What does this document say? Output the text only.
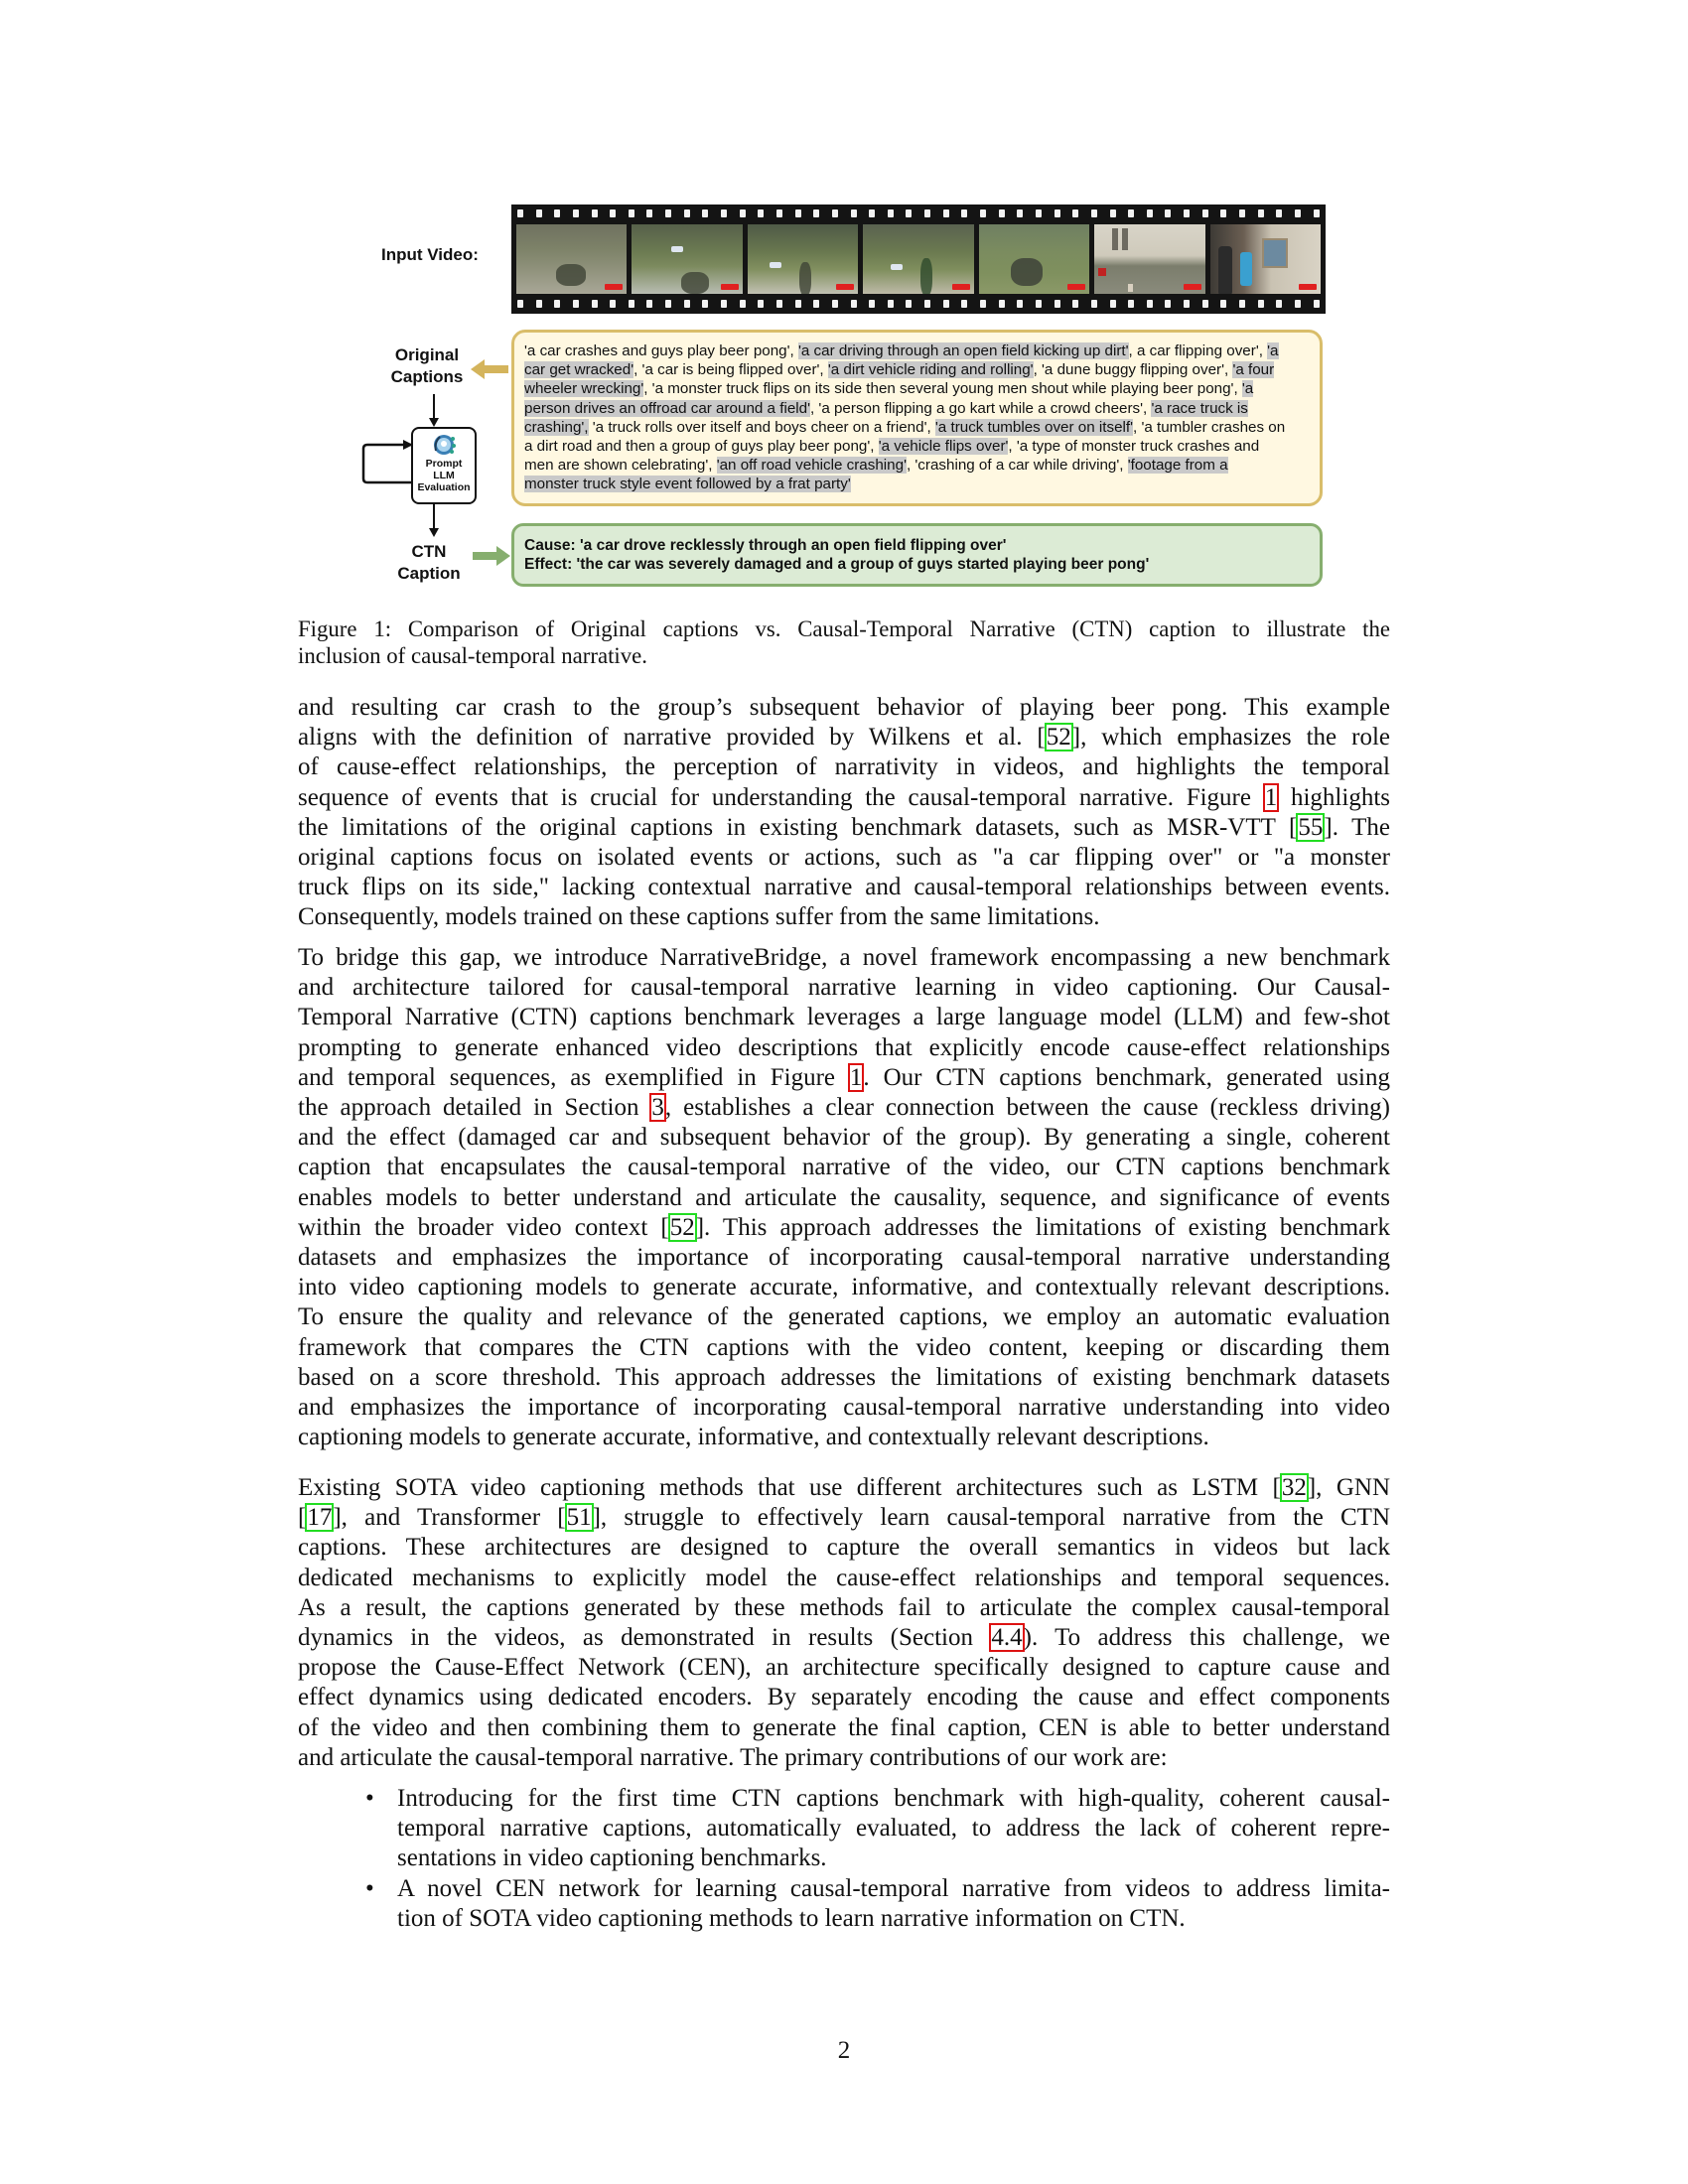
Input Video:
Original
Captions
Prompt
LLM
Evaluation
CTN
Caption
'a car crashes and guys play beer pong', 'a car driving through an open field kicking up dirt', a car flipping over', 'a
car get wracked', 'a car is being flipped over', 'a dirt vehicle riding and rolling', 'a dune buggy flipping over', 'a four
wheeler wrecking', 'a monster truck flips on its side then several young men shout while playing beer pong', 'a
person drives an offroad car around a field', 'a person flipping a go kart while a crowd cheers', 'a race truck is
crashing', 'a truck rolls over itself and boys cheer on a friend', 'a truck tumbles over on itself', 'a tumbler crashes on
a dirt road and then a group of guys play beer pong', 'a vehicle flips over', 'a type of monster truck crashes and
men are shown celebrating', 'an off road vehicle crashing', 'crashing of a car while driving', 'footage from a
monster truck style event followed by a frat party'
Cause: 'a car drove recklessly through an open field flipping over'
Effect: 'the car was severely damaged and a group of guys started playing beer pong'
Figure 1: Comparison of Original captions vs. Causal-Temporal Narrative (CTN) caption to illustrate the
inclusion of causal-temporal narrative.
and resulting car crash to the group’s subsequent behavior of playing beer pong. This example
aligns with the definition of narrative provided by Wilkens et al. [52], which emphasizes the role
of cause-effect relationships, the perception of narrativity in videos, and highlights the temporal
sequence of events that is crucial for understanding the causal-temporal narrative. Figure 1 highlights
the limitations of the original captions in existing benchmark datasets, such as MSR-VTT [55]. The
original captions focus on isolated events or actions, such as "a car flipping over" or "a monster
truck flips on its side," lacking contextual narrative and causal-temporal relationships between events.
Consequently, models trained on these captions suffer from the same limitations.
To bridge this gap, we introduce NarrativeBridge, a novel framework encompassing a new benchmark
and architecture tailored for causal-temporal narrative learning in video captioning. Our Causal-
Temporal Narrative (CTN) captions benchmark leverages a large language model (LLM) and few-shot
prompting to generate enhanced video descriptions that explicitly encode cause-effect relationships
and temporal sequences, as exemplified in Figure 1. Our CTN captions benchmark, generated using
the approach detailed in Section 3, establishes a clear connection between the cause (reckless driving)
and the effect (damaged car and subsequent behavior of the group). By generating a single, coherent
caption that encapsulates the causal-temporal narrative of the video, our CTN captions benchmark
enables models to better understand and articulate the causality, sequence, and significance of events
within the broader video context [52]. This approach addresses the limitations of existing benchmark
datasets and emphasizes the importance of incorporating causal-temporal narrative understanding
into video captioning models to generate accurate, informative, and contextually relevant descriptions.
To ensure the quality and relevance of the generated captions, we employ an automatic evaluation
framework that compares the CTN captions with the video content, keeping or discarding them
based on a score threshold. This approach addresses the limitations of existing benchmark datasets
and emphasizes the importance of incorporating causal-temporal narrative understanding into video
captioning models to generate accurate, informative, and contextually relevant descriptions.
Existing SOTA video captioning methods that use different architectures such as LSTM [32], GNN
[17], and Transformer [51], struggle to effectively learn causal-temporal narrative from the CTN
captions. These architectures are designed to capture the overall semantics in videos but lack
dedicated mechanisms to explicitly model the cause-effect relationships and temporal sequences.
As a result, the captions generated by these methods fail to articulate the complex causal-temporal
dynamics in the videos, as demonstrated in results (Section 4.4). To address this challenge, we
propose the Cause-Effect Network (CEN), an architecture specifically designed to capture cause and
effect dynamics using dedicated encoders. By separately encoding the cause and effect components
of the video and then combining them to generate the final caption, CEN is able to better understand
and articulate the causal-temporal narrative. The primary contributions of our work are:
• Introducing for the first time CTN captions benchmark with high-quality, coherent causal-
temporal narrative captions, automatically evaluated, to address the lack of coherent repre-
sentations in video captioning benchmarks.
• A novel CEN network for learning causal-temporal narrative from videos to address limita-
tion of SOTA video captioning methods to learn narrative information on CTN.
2
